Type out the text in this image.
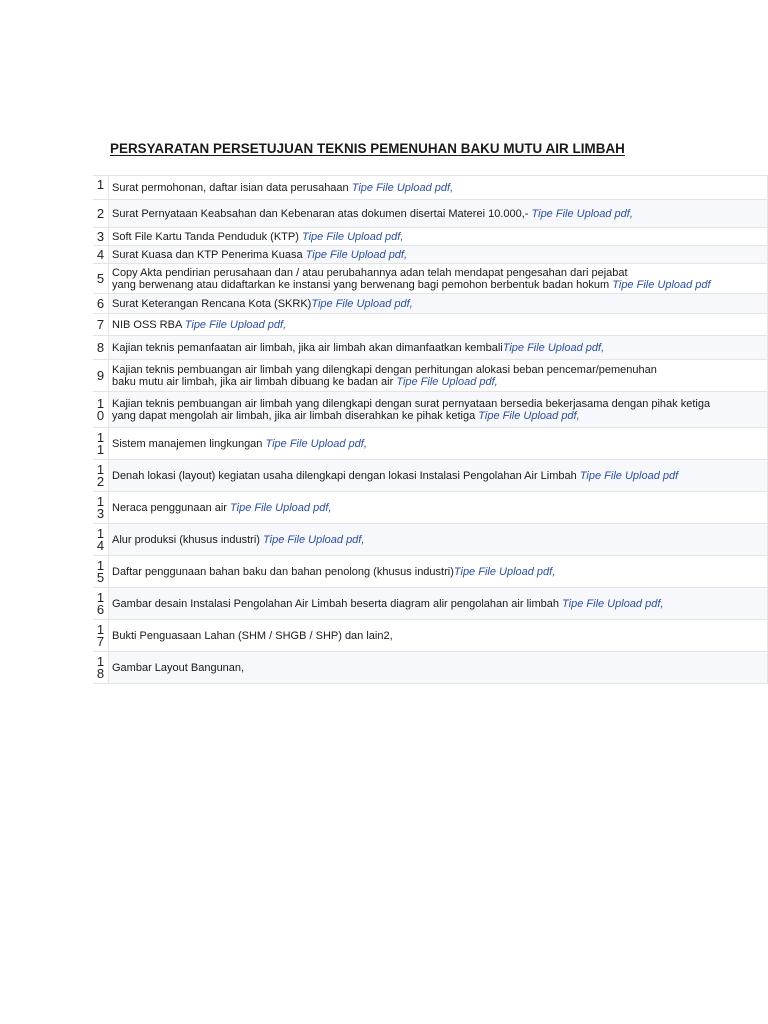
PERSYARATAN PERSETUJUAN TEKNIS PEMENUHAN BAKU MUTU AIR LIMBAH
1	Surat permohonan, daftar isian data perusahaan Tipe File Upload pdf,
2	Surat Pernyataan Keabsahan dan Kebenaran atas dokumen disertai Materei 10.000,- Tipe File Upload pdf,
3	Soft File Kartu Tanda Penduduk (KTP) Tipe File Upload pdf,
4	Surat Kuasa dan KTP Penerima Kuasa Tipe File Upload pdf,
5	Copy Akta pendirian perusahaan dan / atau perubahannya adan telah mendapat pengesahan dari pejabat
yang berwenang atau didaftarkan ke instansi yang berwenang bagi pemohon berbentuk badan hokum Tipe File Upload pdf
6	Surat Keterangan Rencana Kota (SKRK)Tipe File Upload pdf,
7	NIB OSS RBA Tipe File Upload pdf,
8	Kajian teknis pemanfaatan air limbah, jika air limbah akan dimanfaatkan kembaliTipe File Upload pdf,
9	Kajian teknis pembuangan air limbah yang dilengkapi dengan perhitungan alokasi beban pencemar/pemenuhan
baku mutu air limbah, jika air limbah dibuang ke badan air Tipe File Upload pdf,

10	Kajian teknis pembuangan air limbah yang dilengkapi dengan surat pernyataan bersedia bekerjasama dengan pihak ketiga
yang dapat mengolah air limbah, jika air limbah diserahkan ke pihak ketiga Tipe File Upload pdf,

11	Sistem manajemen lingkungan Tipe File Upload pdf,

12	Denah lokasi (layout) kegiatan usaha dilengkapi dengan lokasi Instalasi Pengolahan Air Limbah Tipe File Upload pdf

13	Neraca penggunaan air Tipe File Upload pdf,

14	Alur produksi (khusus industri) Tipe File Upload pdf,

15	Daftar penggunaan bahan baku dan bahan penolong (khusus industri)Tipe File Upload pdf,

16	Gambar desain Instalasi Pengolahan Air Limbah beserta diagram alir pengolahan air limbah Tipe File Upload pdf,

17	Bukti Penguasaan Lahan (SHM / SHGB / SHP) dan lain2,

18	Gambar Layout Bangunan,
